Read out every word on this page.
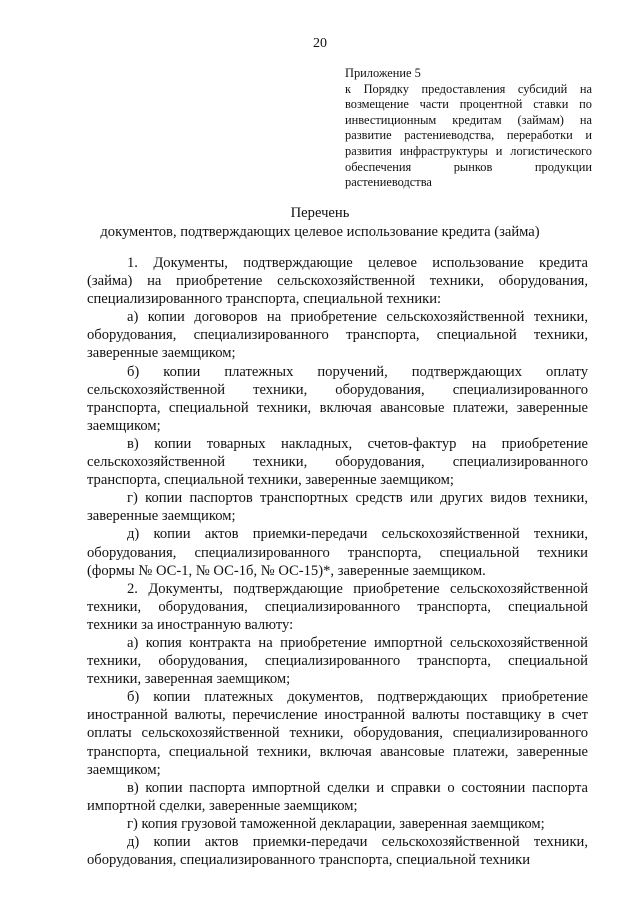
20
Приложение 5
к Порядку предоставления субсидий на
возмещение части процентной ставки по
инвестиционным кредитам (займам) на
развитие растениеводства, переработки и
развития инфраструктуры и логистического
обеспечения рынков продукции
растениеводства
Перечень
документов, подтверждающих целевое использование кредита (займа)
1. Документы, подтверждающие целевое использование кредита
(займа) на приобретение сельскохозяйственной техники, оборудования,
специализированного транспорта, специальной техники:
а) копии договоров на приобретение сельскохозяйственной техники,
оборудования, специализированного транспорта, специальной техники,
заверенные заемщиком;
б) копии платежных поручений, подтверждающих оплату
сельскохозяйственной техники, оборудования, специализированного
транспорта, специальной техники, включая авансовые платежи, заверенные
заемщиком;
в) копии товарных накладных, счетов-фактур на приобретение
сельскохозяйственной техники, оборудования, специализированного
транспорта, специальной техники, заверенные заемщиком;
г) копии паспортов транспортных средств или других видов техники,
заверенные заемщиком;
д) копии актов приемки-передачи сельскохозяйственной техники,
оборудования, специализированного транспорта, специальной техники
(формы № ОС-1, № ОС-1б, № ОС-15)*, заверенные заемщиком.
2. Документы, подтверждающие приобретение сельскохозяйственной
техники, оборудования, специализированного транспорта, специальной
техники за иностранную валюту:
а) копия контракта на приобретение импортной сельскохозяйственной
техники, оборудования, специализированного транспорта, специальной
техники, заверенная заемщиком;
б) копии платежных документов, подтверждающих приобретение
иностранной валюты, перечисление иностранной валюты поставщику в счет
оплаты сельскохозяйственной техники, оборудования, специализированного
транспорта, специальной техники, включая авансовые платежи, заверенные
заемщиком;
в) копии паспорта импортной сделки и справки о состоянии паспорта
импортной сделки, заверенные заемщиком;
г) копия грузовой таможенной декларации, заверенная заемщиком;
д) копии актов приемки-передачи сельскохозяйственной техники,
оборудования, специализированного транспорта, специальной техники
